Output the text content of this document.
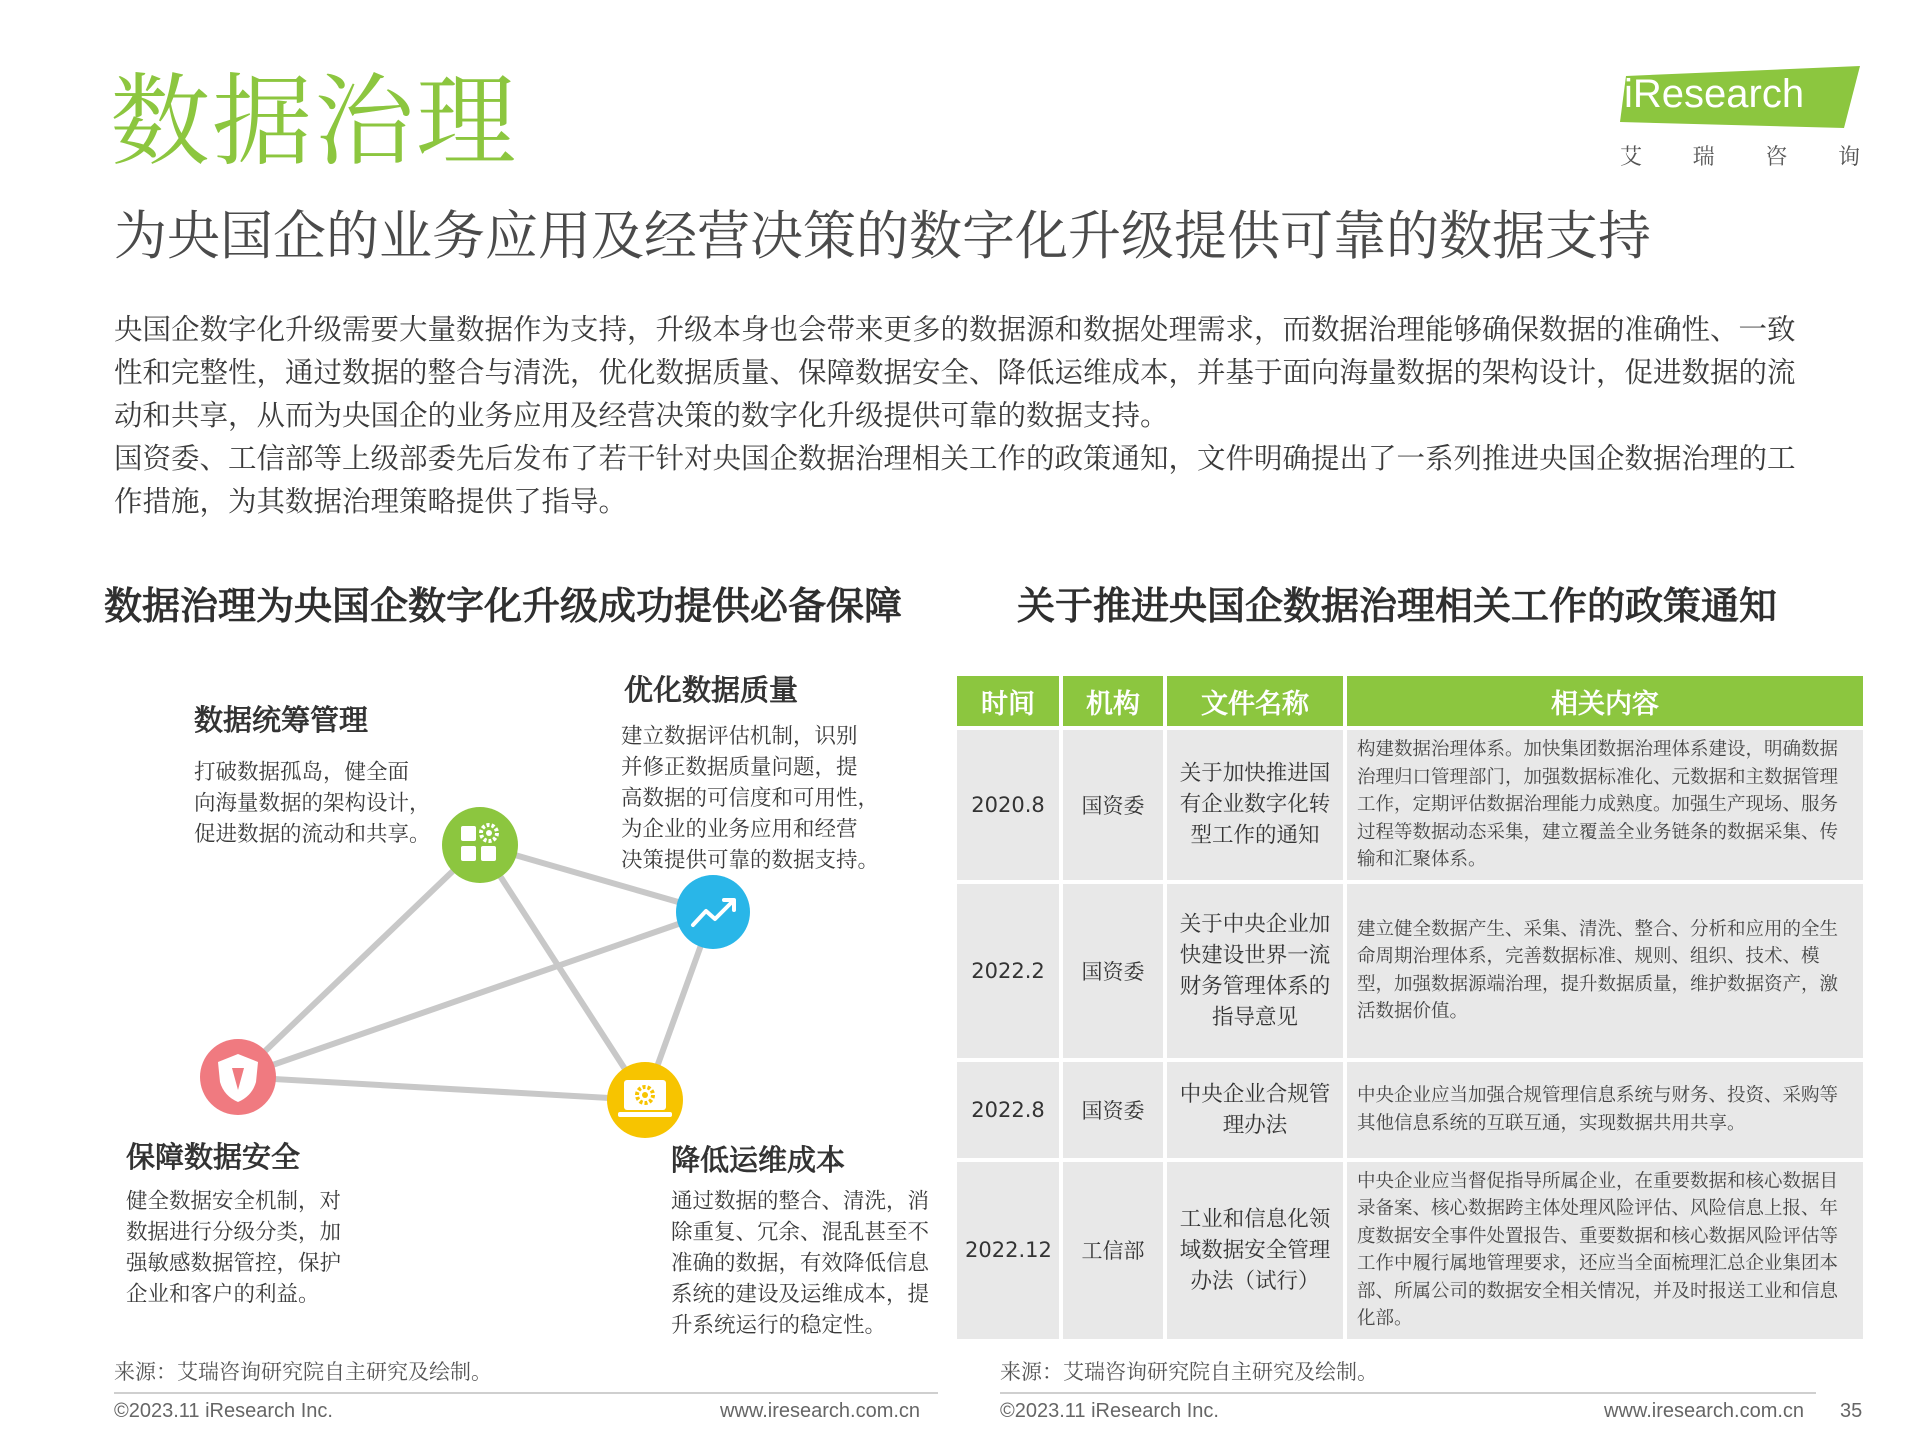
数据治理
为央国企的业务应用及经营决策的数字化升级提供可靠的数据支持
iResearch
艾 瑞 咨 询

央国企数字化升级需要大量数据作为支持，升级本身也会带来更多的数据源和数据处理需求，而数据治理能够确保数据的准确性、一致性和完整性，通过数据的整合与清洗，优化数据质量、保障数据安全、降低运维成本，并基于面向海量数据的架构设计，促进数据的流动和共享，从而为央国企的业务应用及经营决策的数字化升级提供可靠的数据支持。

国资委、工信部等上级部委先后发布了若干针对央国企数据治理相关工作的政策通知，文件明确提出了一系列推进央国企数据治理的工作措施，为其数据治理策略提供了指导。

数据治理为央国企数字化升级成功提供必备保障
数据统筹管理
打破数据孤岛，健全面
向海量数据的架构设计，
促进数据的流动和共享。
优化数据质量
建立数据评估机制，识别
并修正数据质量问题，提
高数据的可信度和可用性，
为企业的业务应用和经营
决策提供可靠的数据支持。
保障数据安全
健全数据安全机制，对
数据进行分级分类，加
强敏感数据管控，保护
企业和客户的利益。
降低运维成本
通过数据的整合、清洗，消
除重复、冗余、混乱甚至不
准确的数据，有效降低信息
系统的建设及运维成本，提
升系统运行的稳定性。
关于推进央国企数据治理相关工作的政策通知
时间	机构	文件名称	相关内容
2020.8	国资委	关于加快推进国有企业数字化转型工作的通知	构建数据治理体系。加快集团数据治理体系建设，明确数据治理归口管理部门，加强数据标准化、元数据和主数据管理工作，定期评估数据治理能力成熟度。加强生产现场、服务过程等数据动态采集，建立覆盖全业务链条的数据采集、传输和汇聚体系。
2022.2	国资委	关于中央企业加快建设世界一流财务管理体系的指导意见	建立健全数据产生、采集、清洗、整合、分析和应用的全生命周期治理体系，完善数据标准、规则、组织、技术、模型，加强数据源端治理，提升数据质量，维护数据资产，激活数据价值。
2022.8	国资委	中央企业合规管理办法	中央企业应当加强合规管理信息系统与财务、投资、采购等其他信息系统的互联互通，实现数据共用共享。
2022.12	工信部	工业和信息化领域数据安全管理办法（试行）	中央企业应当督促指导所属企业，在重要数据和核心数据目录备案、核心数据跨主体处理风险评估、风险信息上报、年度数据安全事件处置报告、重要数据和核心数据风险评估等工作中履行属地管理要求，还应当全面梳理汇总企业集团本部、所属公司的数据安全相关情况，并及时报送工业和信息化部。
来源：艾瑞咨询研究院自主研究及绘制。	来源：艾瑞咨询研究院自主研究及绘制。
©2023.11 iResearch Inc.	www.iresearch.com.cn	©2023.11 iResearch Inc.	www.iresearch.com.cn 35
